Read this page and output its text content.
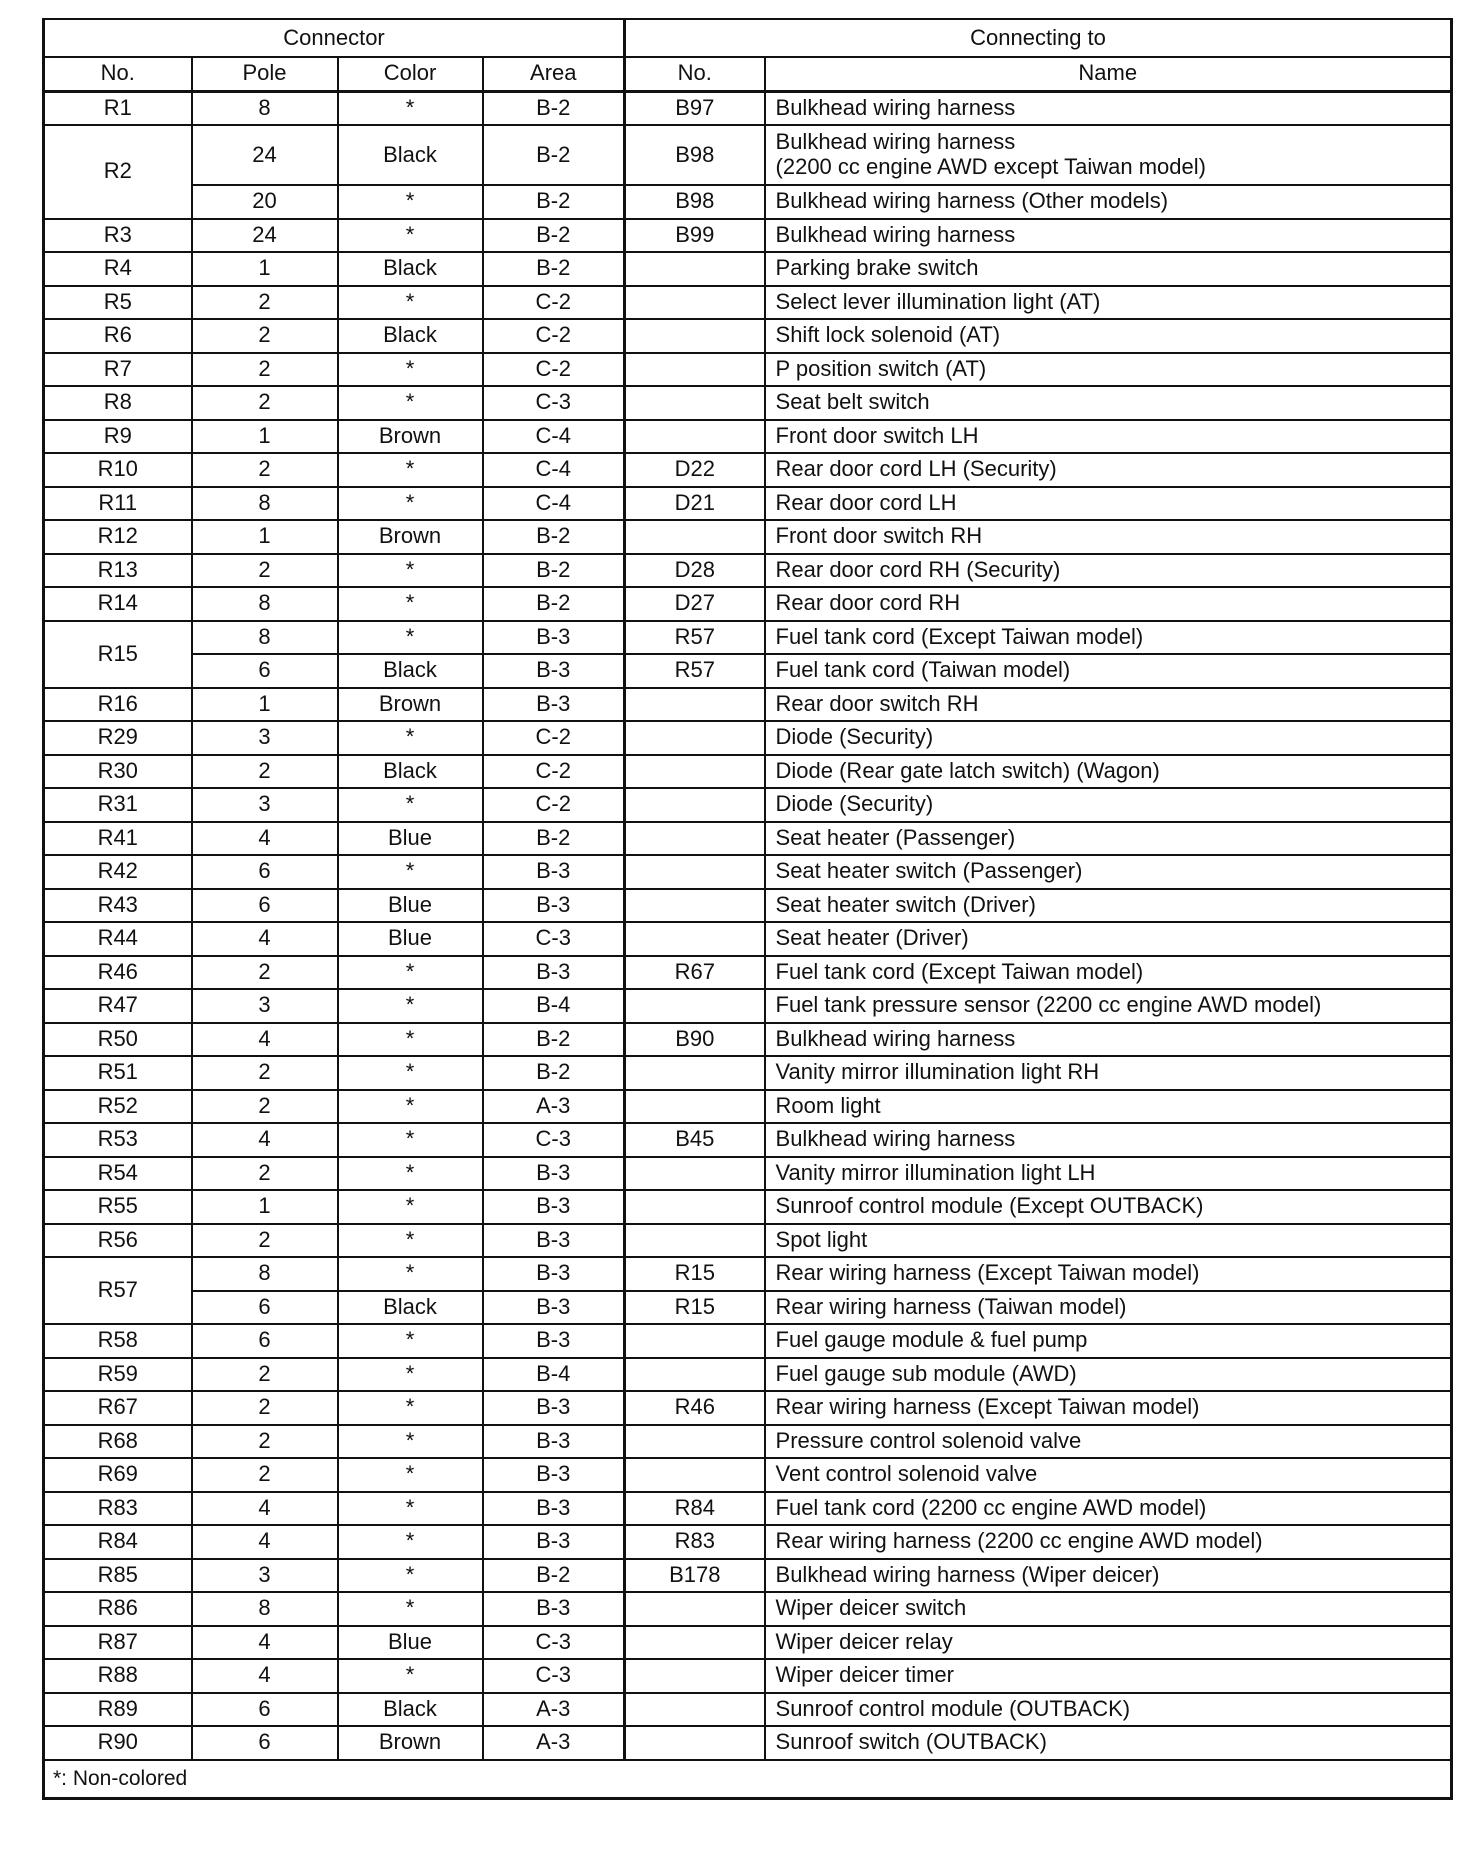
Connector				Connecting to	
No.	Pole	Color	Area	No.	Name
R1	8	*	B-2	B97	Bulkhead wiring harness
R2	24	Black	B-2	B98	Bulkhead wiring harness
(2200 cc engine AWD except Taiwan model)
	20	*	B-2	B98	Bulkhead wiring harness (Other models)
R3	24	*	B-2	B99	Bulkhead wiring harness
R4	1	Black	B-2		Parking brake switch
R5	2	*	C-2		Select lever illumination light (AT)
R6	2	Black	C-2		Shift lock solenoid (AT)
R7	2	*	C-2		P position switch (AT)
R8	2	*	C-3		Seat belt switch
R9	1	Brown	C-4		Front door switch LH
R10	2	*	C-4	D22	Rear door cord LH (Security)
R11	8	*	C-4	D21	Rear door cord LH
R12	1	Brown	B-2		Front door switch RH
R13	2	*	B-2	D28	Rear door cord RH (Security)
R14	8	*	B-2	D27	Rear door cord RH
R15	8	*	B-3	R57	Fuel tank cord (Except Taiwan model)
	6	Black	B-3	R57	Fuel tank cord (Taiwan model)
R16	1	Brown	B-3		Rear door switch RH
R29	3	*	C-2		Diode (Security)
R30	2	Black	C-2		Diode (Rear gate latch switch) (Wagon)
R31	3	*	C-2		Diode (Security)
R41	4	Blue	B-2		Seat heater (Passenger)
R42	6	*	B-3		Seat heater switch (Passenger)
R43	6	Blue	B-3		Seat heater switch (Driver)
R44	4	Blue	C-3		Seat heater (Driver)
R46	2	*	B-3	R67	Fuel tank cord (Except Taiwan model)
R47	3	*	B-4		Fuel tank pressure sensor (2200 cc engine AWD model)
R50	4	*	B-2	B90	Bulkhead wiring harness
R51	2	*	B-2		Vanity mirror illumination light RH
R52	2	*	A-3		Room light
R53	4	*	C-3	B45	Bulkhead wiring harness
R54	2	*	B-3		Vanity mirror illumination light LH
R55	1	*	B-3		Sunroof control module (Except OUTBACK)
R56	2	*	B-3		Spot light
R57	8	*	B-3	R15	Rear wiring harness (Except Taiwan model)
	6	Black	B-3	R15	Rear wiring harness (Taiwan model)
R58	6	*	B-3		Fuel gauge module & fuel pump
R59	2	*	B-4		Fuel gauge sub module (AWD)
R67	2	*	B-3	R46	Rear wiring harness (Except Taiwan model)
R68	2	*	B-3		Pressure control solenoid valve
R69	2	*	B-3		Vent control solenoid valve
R83	4	*	B-3	R84	Fuel tank cord (2200 cc engine AWD model)
R84	4	*	B-3	R83	Rear wiring harness (2200 cc engine AWD model)
R85	3	*	B-2	B178	Bulkhead wiring harness (Wiper deicer)
R86	8	*	B-3		Wiper deicer switch
R87	4	Blue	C-3		Wiper deicer relay
R88	4	*	C-3		Wiper deicer timer
R89	6	Black	A-3		Sunroof control module (OUTBACK)
R90	6	Brown	A-3		Sunroof switch (OUTBACK)
*: Non-colored					
